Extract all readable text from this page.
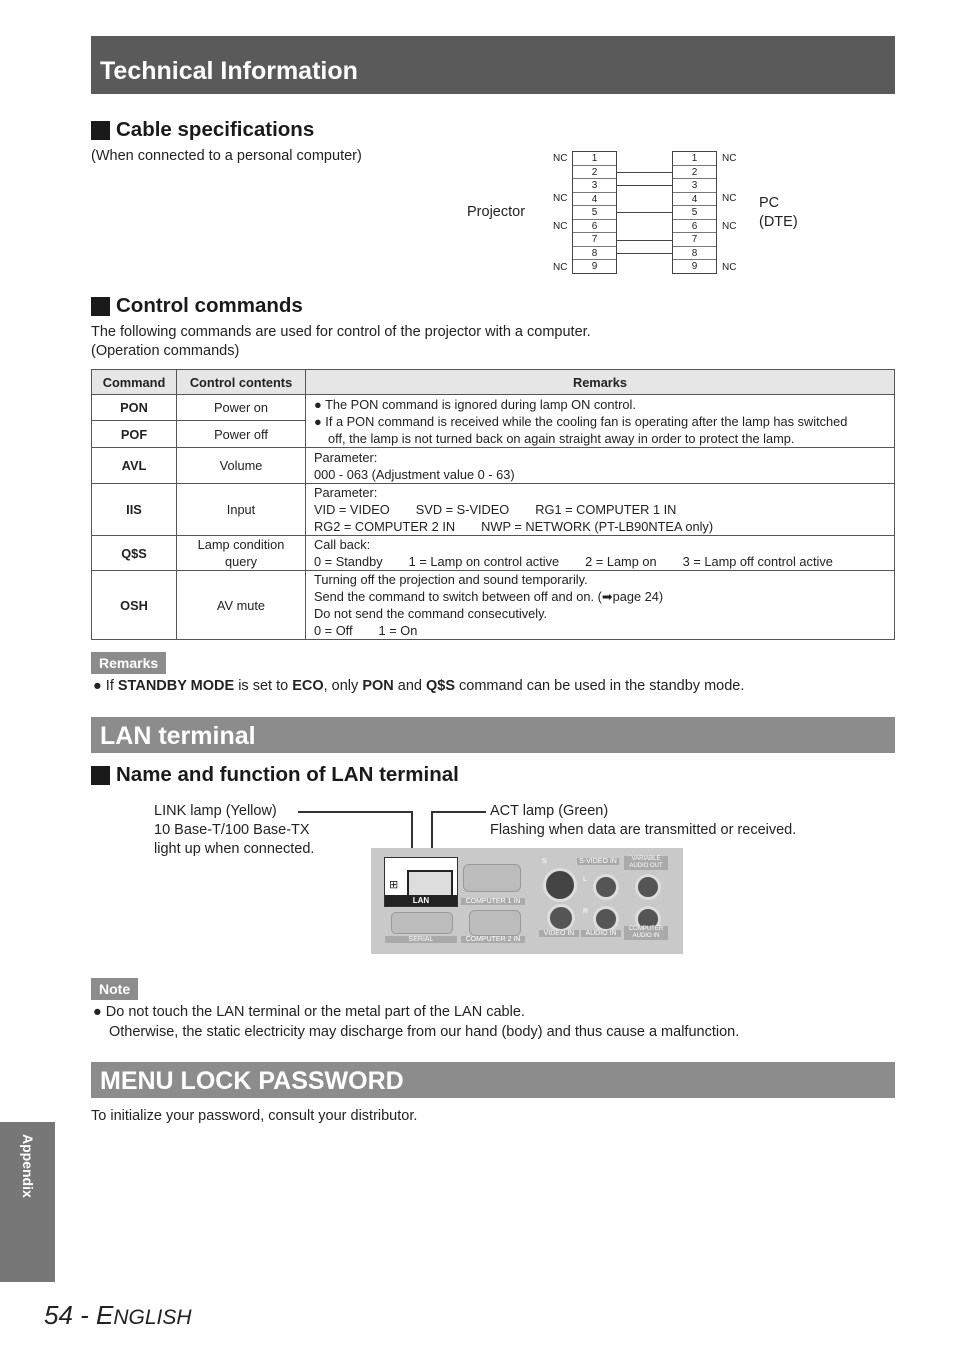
Technical Information
Cable specifications
(When connected to a personal computer)
Projector
PC
(DTE)
1
2
3
4
5
6
7
8
9
1
2
3
4
5
6
7
8
9
NC
NC
NC
NC
NC
NC
NC
NC
Control commands
The following commands are used for control of the projector with a computer.
(Operation commands)
Command	Control contents	Remarks
PON	Power on	● The PON command is ignored during lamp ON control.
● If a PON command is received while the cooling fan is operating after the lamp has switched
off, the lamp is not turned back on again straight away in order to protect the lamp.

POF	Power off	
AVL	Volume	Parameter:
000 - 063 (Adjustment value 0 - 63)

IIS	Input	Parameter:
VID = VIDEO SVD = S-VIDEO RG1 = COMPUTER 1 IN
RG2 = COMPUTER 2 IN NWP = NETWORK (PT-LB90NTEA only)

Q$S	Lamp condition query	Call back:
0 = Standby 1 = Lamp on control active 2 = Lamp on 3 = Lamp off control active

OSH	AV mute	Turning off the projection and sound temporarily.
Send the command to switch between off and on. (➡page 24)
Do not send the command consecutively.
0 = Off 1 = On
Remarks
● If STANDBY MODE is set to ECO, only PON and Q$S command can be used in the standby mode.
LAN terminal
Name and function of LAN terminal
LINK lamp (Yellow)
10 Base-T/100 Base-TX
light up when connected.
ACT lamp (Green)
Flashing when data are transmitted or received.
⊞
LAN	COMPUTER 1 IN
SERIAL	COMPUTER 2 IN
S	S-VIDEO IN
L
R
VIDEO IN	AUDIO IN
VARIABLE AUDIO OUT
COMPUTER AUDIO IN
Note
● Do not touch the LAN terminal or the metal part of the LAN cable.
Otherwise, the static electricity may discharge from our hand (body) and thus cause a malfunction.
MENU LOCK PASSWORD
To initialize your password, consult your distributor.
Appendix
54 - ENGLISH
